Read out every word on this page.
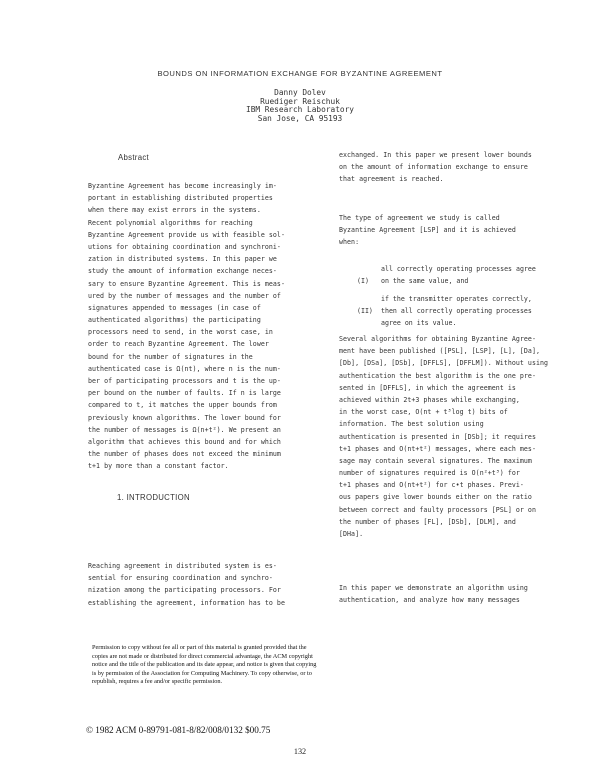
BOUNDS ON INFORMATION EXCHANGE FOR BYZANTINE AGREEMENT
Danny Dolev
Ruediger Reischuk
IBM Research Laboratory
San Jose, CA 95193
Abstract
Byzantine Agreement has become increasingly im-
portant in establishing distributed properties
when there may exist errors in the systems.
Recent polynomial algorithms for reaching
Byzantine Agreement provide us with feasible sol-
utions for obtaining coordination and synchroni-
zation in distributed systems. In this paper we
study the amount of information exchange neces-
sary to ensure Byzantine Agreement. This is meas-
ured by the number of messages and the number of
signatures appended to messages (in case of
authenticated algorithms) the participating
processors need to send, in the worst case, in
order to reach Byzantine Agreement. The lower
bound for the number of signatures in the
authenticated case is Ω(nt), where n is the num-
ber of participating processors and t is the up-
per bound on the number of faults. If n is large
compared to t, it matches the upper bounds from
previously known algorithms. The lower bound for
the number of messages is Ω(n+t²). We present an
algorithm that achieves this bound and for which
the number of phases does not exceed the minimum
t+1 by more than a constant factor.
1. INTRODUCTION
Reaching agreement in distributed system is es-
sential for ensuring coordination and synchro-
nization among the participating processors. For
establishing the agreement, information has to be
Permission to copy without fee all or part of this material is granted provided that the copies are not made or distributed for direct commercial advantage, the ACM copyright notice and the title of the publication and its date appear, and notice is given that copying is by permission of the Association for Computing Machinery. To copy otherwise, or to republish, requires a fee and/or specific permission.
© 1982 ACM 0-89791-081-8/82/008/0132 $00.75
exchanged. In this paper we present lower bounds
on the amount of information exchange to ensure
that agreement is reached.
The type of agreement we study is called
Byzantine Agreement [LSP] and it is achieved
when:

(I)

all correctly operating processes agree
on the same value, and

(II)

if the transmitter operates correctly,
then all correctly operating processes
agree on its value.

Several algorithms for obtaining Byzantine Agree-
ment have been published ([PSL], [LSP], [L], [Da],
[Db], [DSa], [DSb], [DFFLS], [DFFLM]). Without using
authentication the best algorithm is the one pre-
sented in [DFFLS], in which the agreement is
achieved within 2t+3 phases while exchanging,
in the worst case, O(nt + t³log t) bits of
information. The best solution using
authentication is presented in [DSb]; it requires
t+1 phases and O(nt+t²) messages, where each mes-
sage may contain several signatures. The maximum
number of signatures required is O(n²+t³) for
t+1 phases and O(nt+t²) for c•t phases. Previ-
ous papers give lower bounds either on the ratio
between correct and faulty processors [PSL] or on
the number of phases [FL], [DSb], [DLM], and
[DHa].
In this paper we demonstrate an algorithm using
authentication, and analyze how many messages
132
